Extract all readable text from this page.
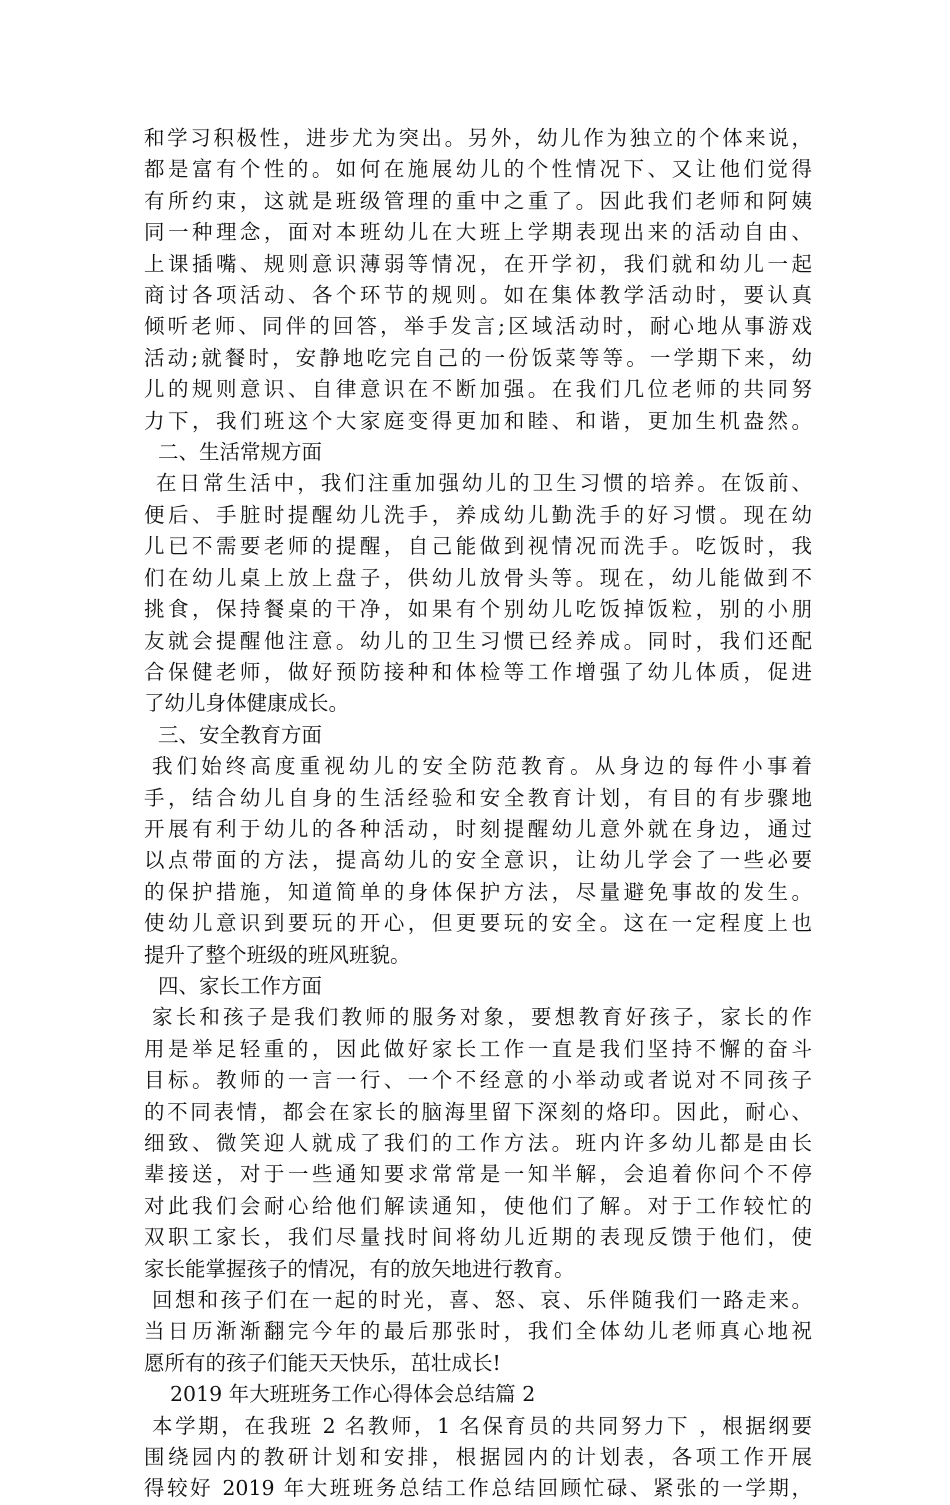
和学习积极性，进步尤为突出。另外，幼儿作为独立的个体来说，
都是富有个性的。如何在施展幼儿的个性情况下、又让他们觉得
有所约束，这就是班级管理的重中之重了。因此我们老师和阿姨
同一种理念，面对本班幼儿在大班上学期表现出来的活动自由、
上课插嘴、规则意识薄弱等情况，在开学初，我们就和幼儿一起
商讨各项活动、各个环节的规则。如在集体教学活动时，要认真
倾听老师、同伴的回答，举手发言;区域活动时，耐心地从事游戏
活动;就餐时，安静地吃完自己的一份饭菜等等。一学期下来，幼
儿的规则意识、自律意识在不断加强。在我们几位老师的共同努
力下，我们班这个大家庭变得更加和睦、和谐，更加生机盎然。
二、生活常规方面
在日常生活中，我们注重加强幼儿的卫生习惯的培养。在饭前、
便后、手脏时提醒幼儿洗手，养成幼儿勤洗手的好习惯。现在幼
儿已不需要老师的提醒，自己能做到视情况而洗手。吃饭时，我
们在幼儿桌上放上盘子，供幼儿放骨头等。现在，幼儿能做到不
挑食，保持餐桌的干净，如果有个别幼儿吃饭掉饭粒，别的小朋
友就会提醒他注意。幼儿的卫生习惯已经养成。同时，我们还配
合保健老师，做好预防接种和体检等工作增强了幼儿体质，促进
了幼儿身体健康成长。
三、安全教育方面
我们始终高度重视幼儿的安全防范教育。从身边的每件小事着
手，结合幼儿自身的生活经验和安全教育计划，有目的有步骤地
开展有利于幼儿的各种活动，时刻提醒幼儿意外就在身边，通过
以点带面的方法，提高幼儿的安全意识，让幼儿学会了一些必要
的保护措施，知道简单的身体保护方法，尽量避免事故的发生。
使幼儿意识到要玩的开心，但更要玩的安全。这在一定程度上也
提升了整个班级的班风班貌。
四、家长工作方面
家长和孩子是我们教师的服务对象，要想教育好孩子，家长的作
用是举足轻重的，因此做好家长工作一直是我们坚持不懈的奋斗
目标。教师的一言一行、一个不经意的小举动或者说对不同孩子
的不同表情，都会在家长的脑海里留下深刻的烙印。因此，耐心、
细致、微笑迎人就成了我们的工作方法。班内许多幼儿都是由长
辈接送，对于一些通知要求常常是一知半解，会追着你问个不停
对此我们会耐心给他们解读通知，使他们了解。对于工作较忙的
双职工家长，我们尽量找时间将幼儿近期的表现反馈于他们，使
家长能掌握孩子的情况，有的放矢地进行教育。
回想和孩子们在一起的时光，喜、怒、哀、乐伴随我们一路走来。
当日历渐渐翻完今年的最后那张时，我们全体幼儿老师真心地祝
愿所有的孩子们能天天快乐，茁壮成长!
2019 年大班班务工作心得体会总结篇 2
本学期，在我班 2 名教师，1 名保育员的共同努力下 ，根据纲要
围绕园内的教研计划和安排，根据园内的计划表，各项工作开展
得较好 2019 年大班班务总结工作总结回顾忙碌、紧张的一学期，
